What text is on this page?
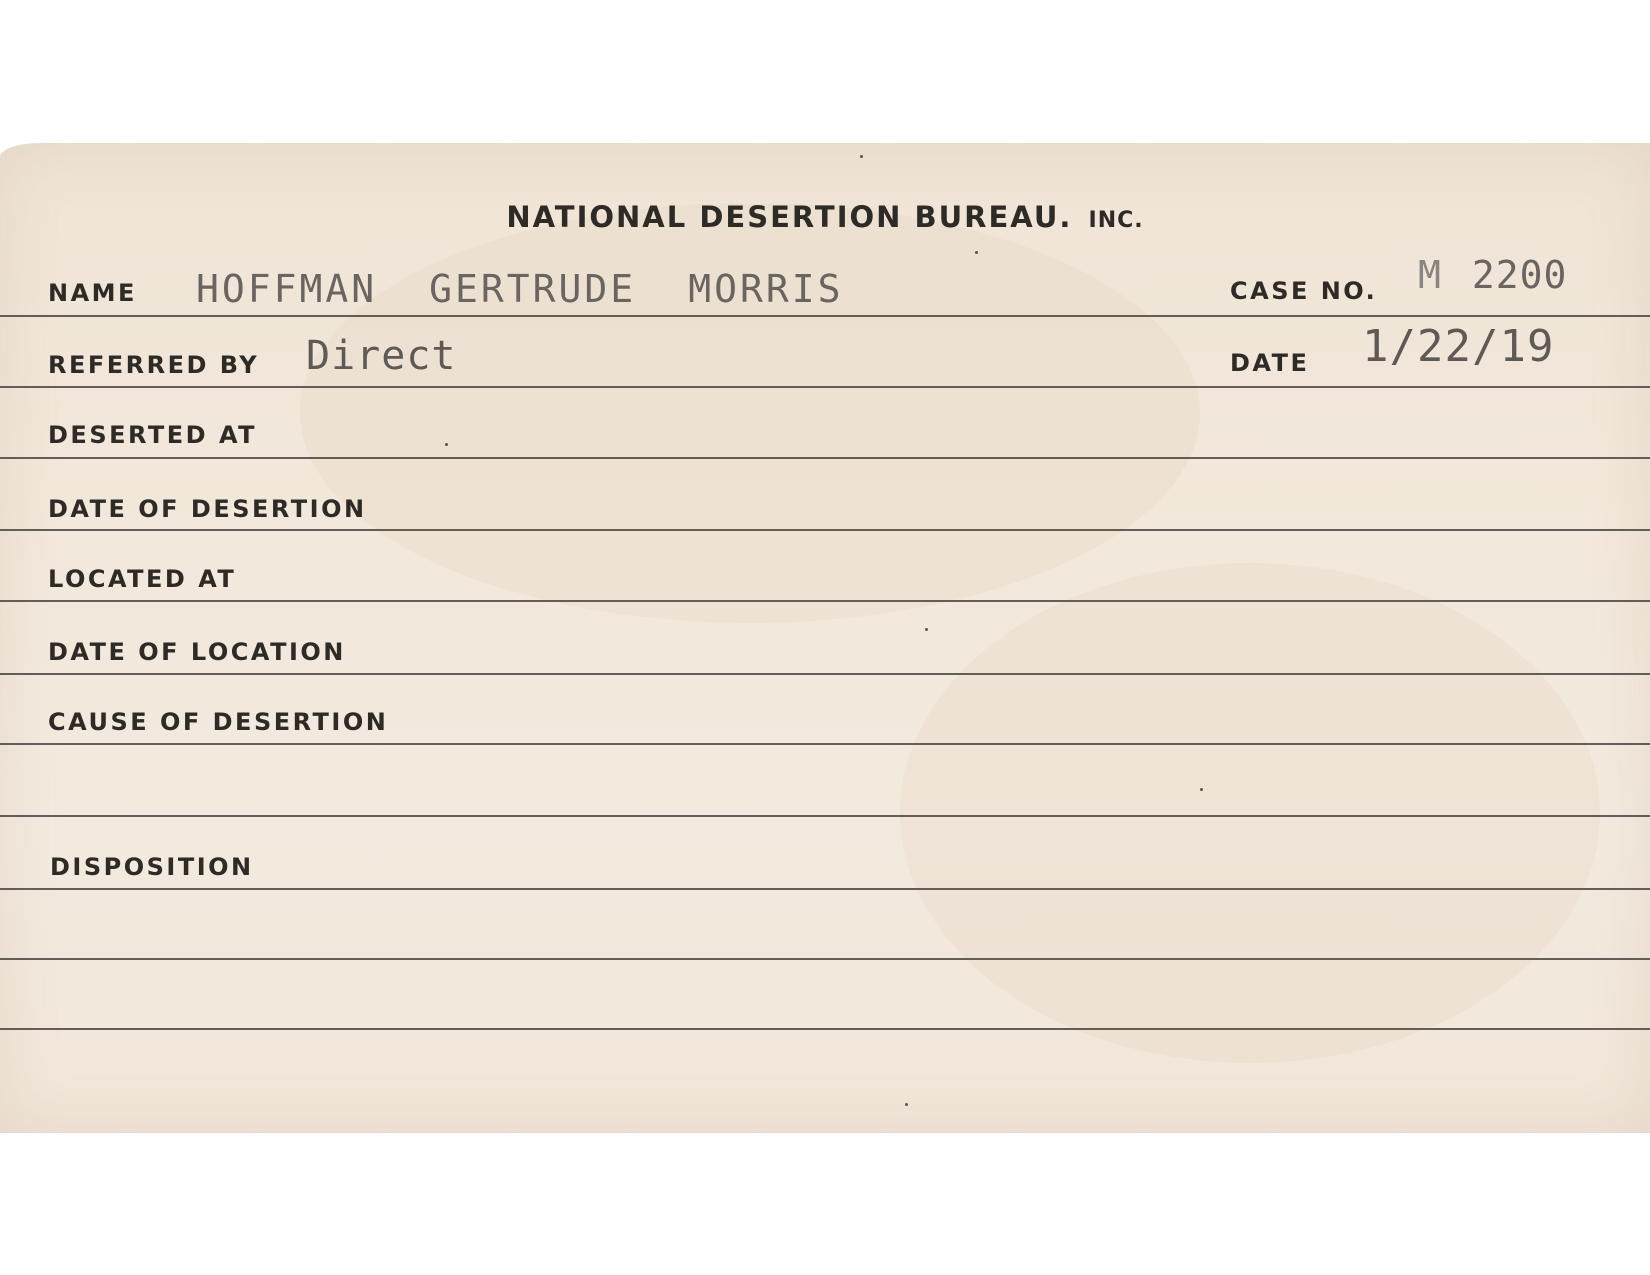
NATIONAL DESERTION BUREAU. INC.
NAME HOFFMAN GERTRUDE MORRIS	CASE NO. M 2200
REFERRED BY Direct	DATE 1/22/19
DESERTED AT
DATE OF DESERTION
LOCATED AT
DATE OF LOCATION
CAUSE OF DESERTION
DISPOSITION
